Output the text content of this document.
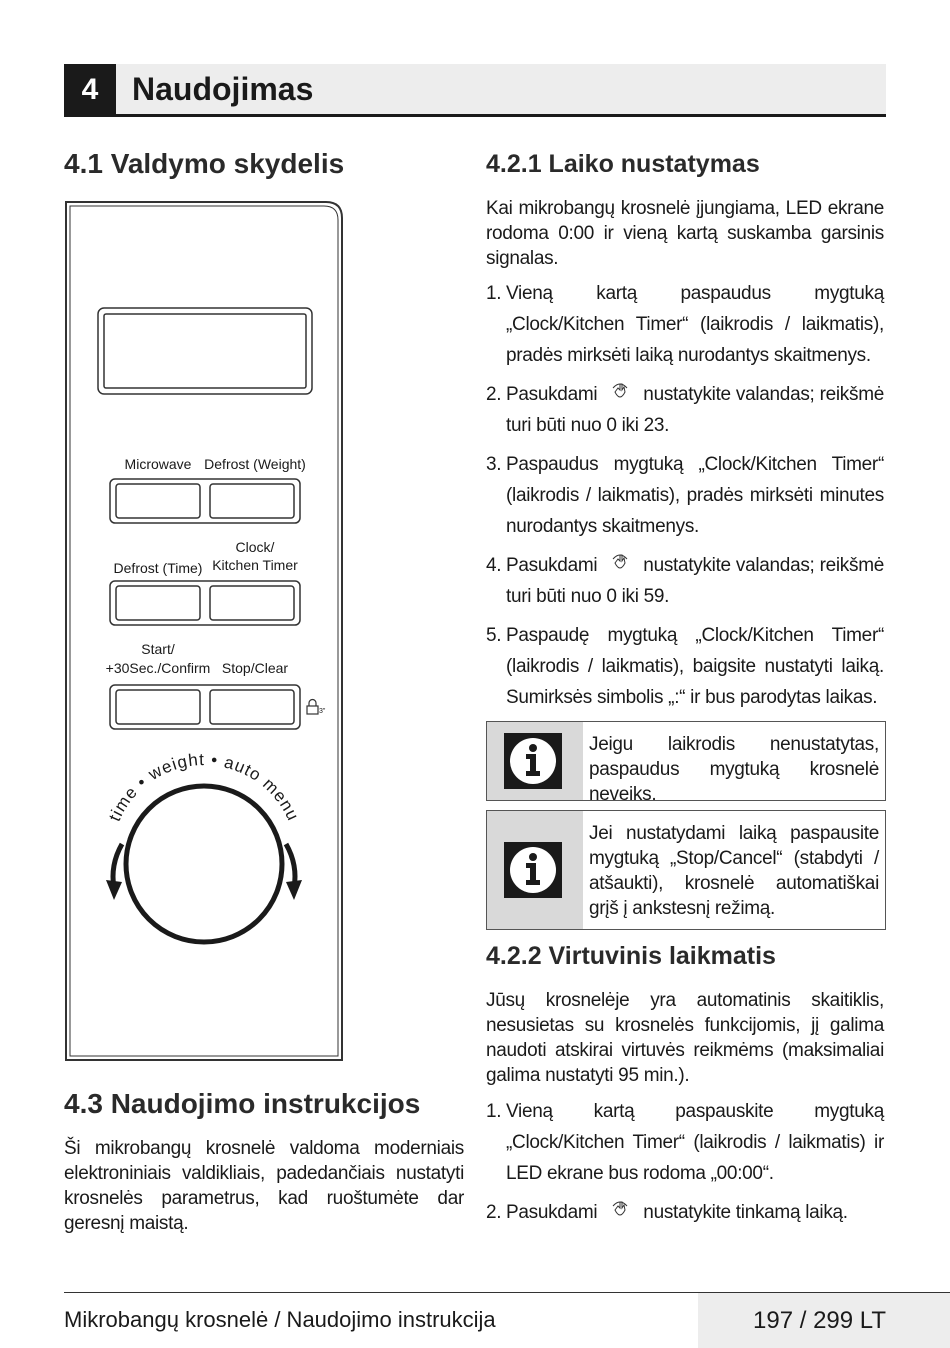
4	Naudojimas
4.1 Valdymo skydelis
Microwave Defrost (Weight)
Defrost (Time)
Clock/
Kitchen Timer
Start/
+30Sec./Confirm Stop/Clear
3"
time • weight • auto menu
4.3 Naudojimo instrukcijos

Ši mikrobangų krosnelė valdoma moderniais elektroniniais valdikliais, padedančiais nustatyti krosnelės parametrus, kad ruoštumėte dar geresnį maistą.

4.2.1 Laiko nustatymas

Kai mikrobangų krosnelė įjungiama, LED ekrane rodoma 0:00 ir vieną kartą suskamba garsinis signalas.

1. Vieną kartą paspaudus mygtuką „Clock/Kitchen Timer“ (laikrodis / laikmatis), pradės mirksėti laiką nurodantys skaitmenys.
2. Pasukdami nustatykite valandas; reikšmė turi būti nuo 0 iki 23.
3. Paspaudus mygtuką „Clock/Kitchen Timer“ (laikrodis / laikmatis), pradės mirksėti minutes nurodantys skaitmenys.
4. Pasukdami nustatykite valandas; reikšmė turi būti nuo 0 iki 59.
5. Paspaudę mygtuką „Clock/Kitchen Timer“ (laikrodis / laikmatis), baigsite nustatyti laiką. Sumirksės simbolis „:“ ir bus parodytas laikas.

Jeigu laikrodis nenustatytas, paspaudus mygtuką krosnelė neveiks.

Jei nustatydami laiką paspausite mygtuką „Stop/Cancel“ (stabdyti / atšaukti), krosnelė automatiškai grįš į ankstesnį režimą.

4.2.2 Virtuvinis laikmatis

Jūsų krosnelėje yra automatinis skaitiklis, nesusietas su krosnelės funkcijomis, jį galima naudoti atskirai virtuvės reikmėms (maksimaliai galima nustatyti 95 min.).

1. Vieną kartą paspauskite mygtuką „Clock/Kitchen Timer“ (laikrodis / laikmatis) ir LED ekrane bus rodoma „00:00“.
2. Pasukdami nustatykite tinkamą laiką.
Mikrobangų krosnelė / Naudojimo instrukcija	197 / 299 LT
